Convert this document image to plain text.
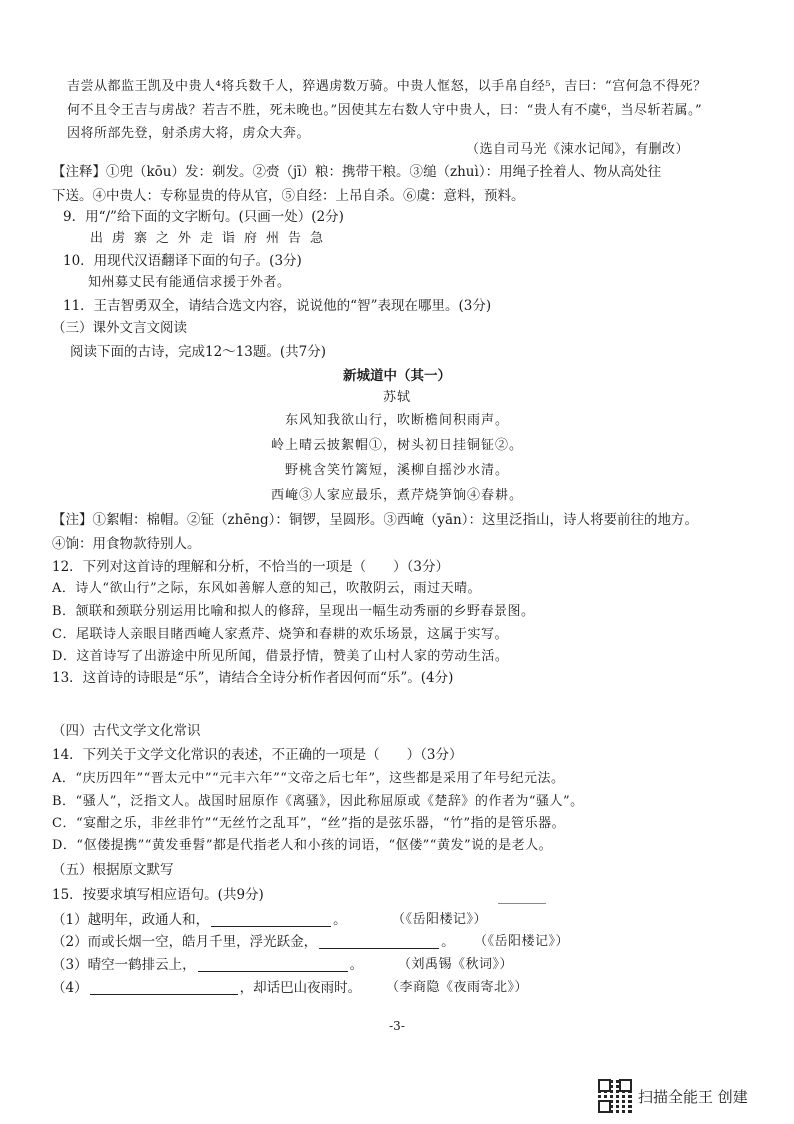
吉尝从都监王凯及中贵人⁴将兵数千人，猝遇虏数万骑。中贵人恇怒，以手帛自经⁵，吉曰：“宫何急不得死？
何不且令王吉与虏战？若吉不胜，死未晚也。”因使其左右数人守中贵人，曰：“贵人有不虞⁶，当尽斩若属。”
因将所部先登，射杀虏大将，虏众大奔。
（选自司马光《涑水记闻》，有删改）
【注释】①兜（kōu）发：剃发。②赍（jī）粮：携带干粮。③缒（zhuì）：用绳子拴着人、物从高处往
下送。④中贵人：专称显贵的侍从官，⑤自经：上吊自杀。⑥虞：意料，预料。
9．用“/”给下面的文字断句。(只画一处）(2分)
出虏寨之外走诣府州告急
10．用现代汉语翻译下面的句子。(3分)
知州募丈民有能通信求援于外者。
11．王吉智勇双全，请结合选文内容，说说他的“智”表现在哪里。(3分)
（三）课外文言文阅读
阅读下面的古诗，完成12～13题。(共7分)
新城道中（其一）
苏轼
东风知我欲山行，吹断檐间积雨声。
岭上晴云披絮帽①，树头初日挂铜钲②。
野桃含笑竹篱短，溪柳自摇沙水清。
西崦③人家应最乐，煮芹烧笋饷④春耕。
【注】①絮帽：棉帽。②钲（zhēng）：铜锣，呈圆形。③西崦（yān）：这里泛指山，诗人将要前往的地方。
④饷：用食物款待别人。
12．下列对这首诗的理解和分析，不恰当的一项是（　　）（3分）
A．诗人“欲山行”之际，东风如善解人意的知己，吹散阴云，雨过天晴。
B．颔联和颈联分别运用比喻和拟人的修辞，呈现出一幅生动秀丽的乡野春景图。
C．尾联诗人亲眼目睹西崦人家煮芹、烧笋和春耕的欢乐场景，这属于实写。
D．这首诗写了出游途中所见所闻，借景抒情，赞美了山村人家的劳动生活。
13．这首诗的诗眼是“乐”，请结合全诗分析作者因何而“乐”。(4分)
（四）古代文学文化常识
14．下列关于文学文化常识的表述，不正确的一项是（　　）（3分）
A．“庆历四年”“晋太元中”“元丰六年”“文帝之后七年”，这些都是采用了年号纪元法。
B．“骚人”，泛指文人。战国时屈原作《离骚》，因此称屈原或《楚辞》的作者为“骚人”。
C．“宴酣之乐，非丝非竹”“无丝竹之乱耳”，“丝”指的是弦乐器，“竹”指的是管乐器。
D．“伛偻提携”“黄发垂髫”都是代指老人和小孩的词语，“伛偻”“黄发”说的是老人。
（五）根据原文默写
15．按要求填写相应语句。(共9分)
（1）越明年，政通人和，	。	（《岳阳楼记》）
（2）而或长烟一空，皓月千里，浮光跃金，	。 （《岳阳楼记》）
（3）晴空一鹤排云上，	。	（刘禹锡《秋词》）
（4）	，却话巴山夜雨时。 （李商隐《夜雨寄北》）
-3-
扫描全能王 创建
